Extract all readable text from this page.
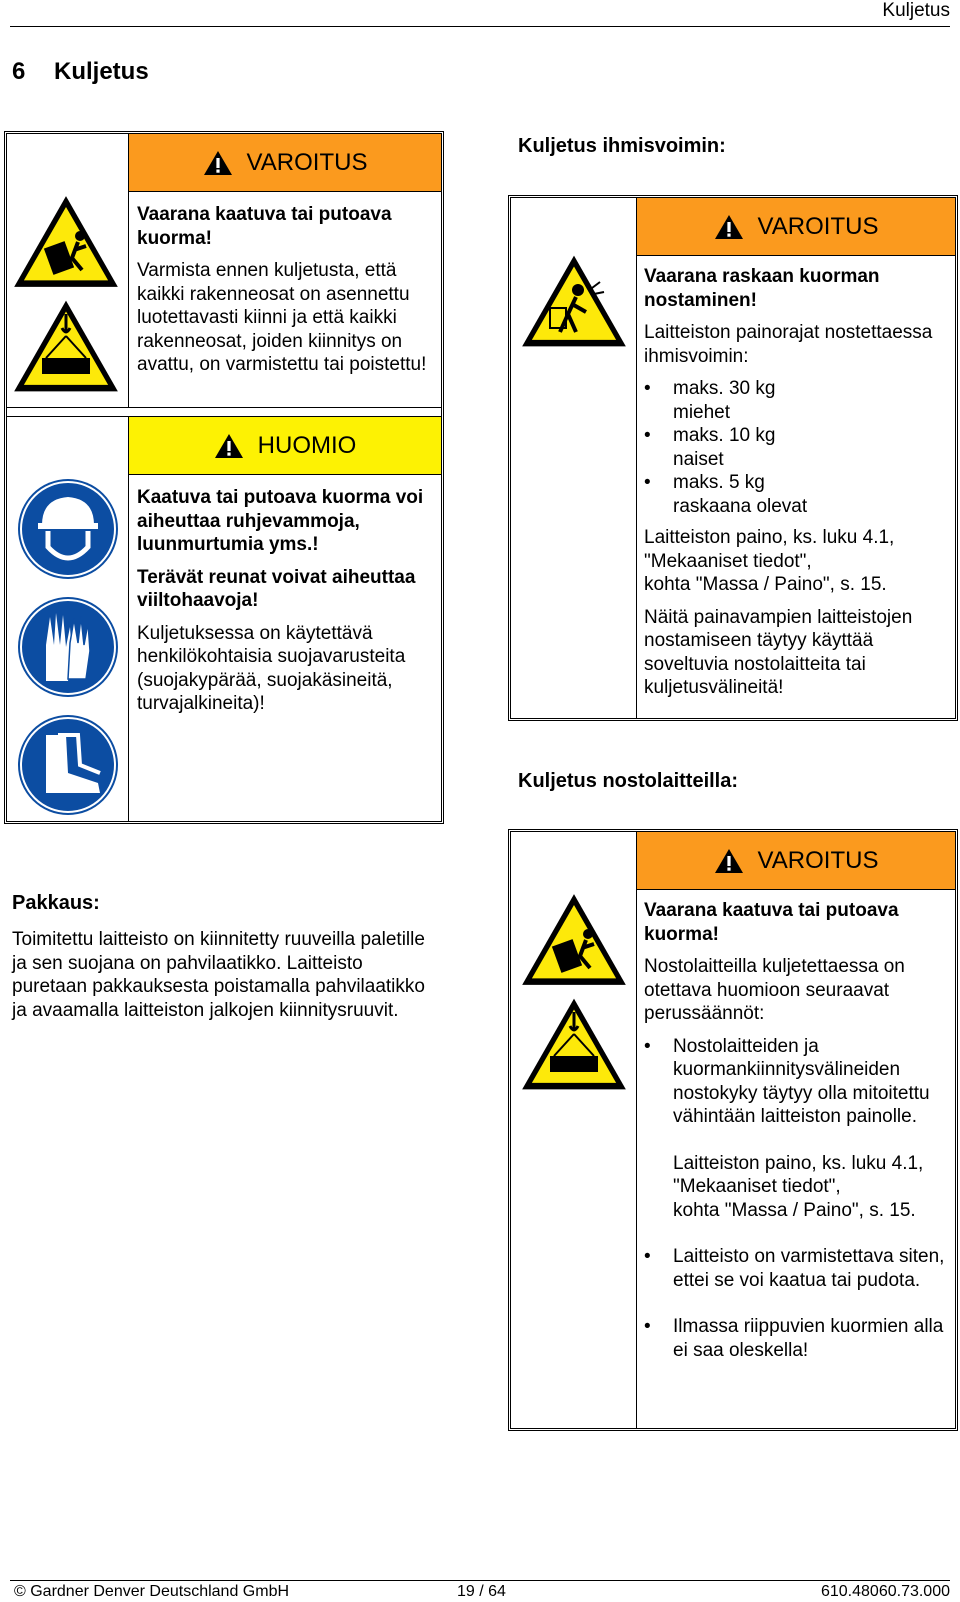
Kuljetus
6 Kuljetus
VAROITUS

Vaarana kaatuva tai putoava kuorma!

Varmista ennen kuljetusta, että kaikki rakenneosat on asennettu luotettavasti kiinni ja että kaikki rakenneosat, joiden kiinnitys on avattu, on varmistettu tai poistettu!

HUOMIO

Kaatuva tai putoava kuorma voi aiheuttaa ruhjevammoja, luunmurtumia yms.!

Terävät reunat voivat aiheuttaa viiltohaavoja!

Kuljetuksessa on käytettävä henkilökohtaisia suojavarusteita (suojakypärää, suojakäsineitä, turvajalkineita)!

Pakkaus:
Toimitettu laitteisto on kiinnitetty ruuveilla paletille ja sen suojana on pahvilaatikko. Laitteisto puretaan pakkauksesta poistamalla pahvilaatikko ja avaamalla laitteiston jalkojen kiinnitysruuvit.
Kuljetus ihmisvoimin:
VAROITUS

Vaarana raskaan kuorman nostaminen!

Laitteiston painorajat nostettaessa ihmisvoimin:

• maks. 30 kg
miehet
• maks. 10 kg
naiset
• maks. 5 kg
raskaana olevat

Laitteiston paino, ks. luku 4.1,
"Mekaaniset tiedot",
kohta "Massa / Paino", s. 15.

Näitä painavampien laitteistojen nostamiseen täytyy käyttää soveltuvia nostolaitteita tai kuljetusvälineitä!

Kuljetus nostolaitteilla:
VAROITUS

Vaarana kaatuva tai putoava kuorma!

Nostolaitteilla kuljetettaessa on otettava huomioon seuraavat perussäännöt:

• Nostolaitteiden ja kuormankiinnitysvälineiden nostokyky täytyy olla mitoitettu vähintään laitteiston painolle.

Laitteiston paino, ks. luku 4.1,
"Mekaaniset tiedot",
kohta "Massa / Paino", s. 15.

• Laitteisto on varmistettava siten, ettei se voi kaatua tai pudota.
• Ilmassa riippuvien kuormien alla ei saa oleskella!
© Gardner Denver Deutschland GmbH	19 / 64	610.48060.73.000
